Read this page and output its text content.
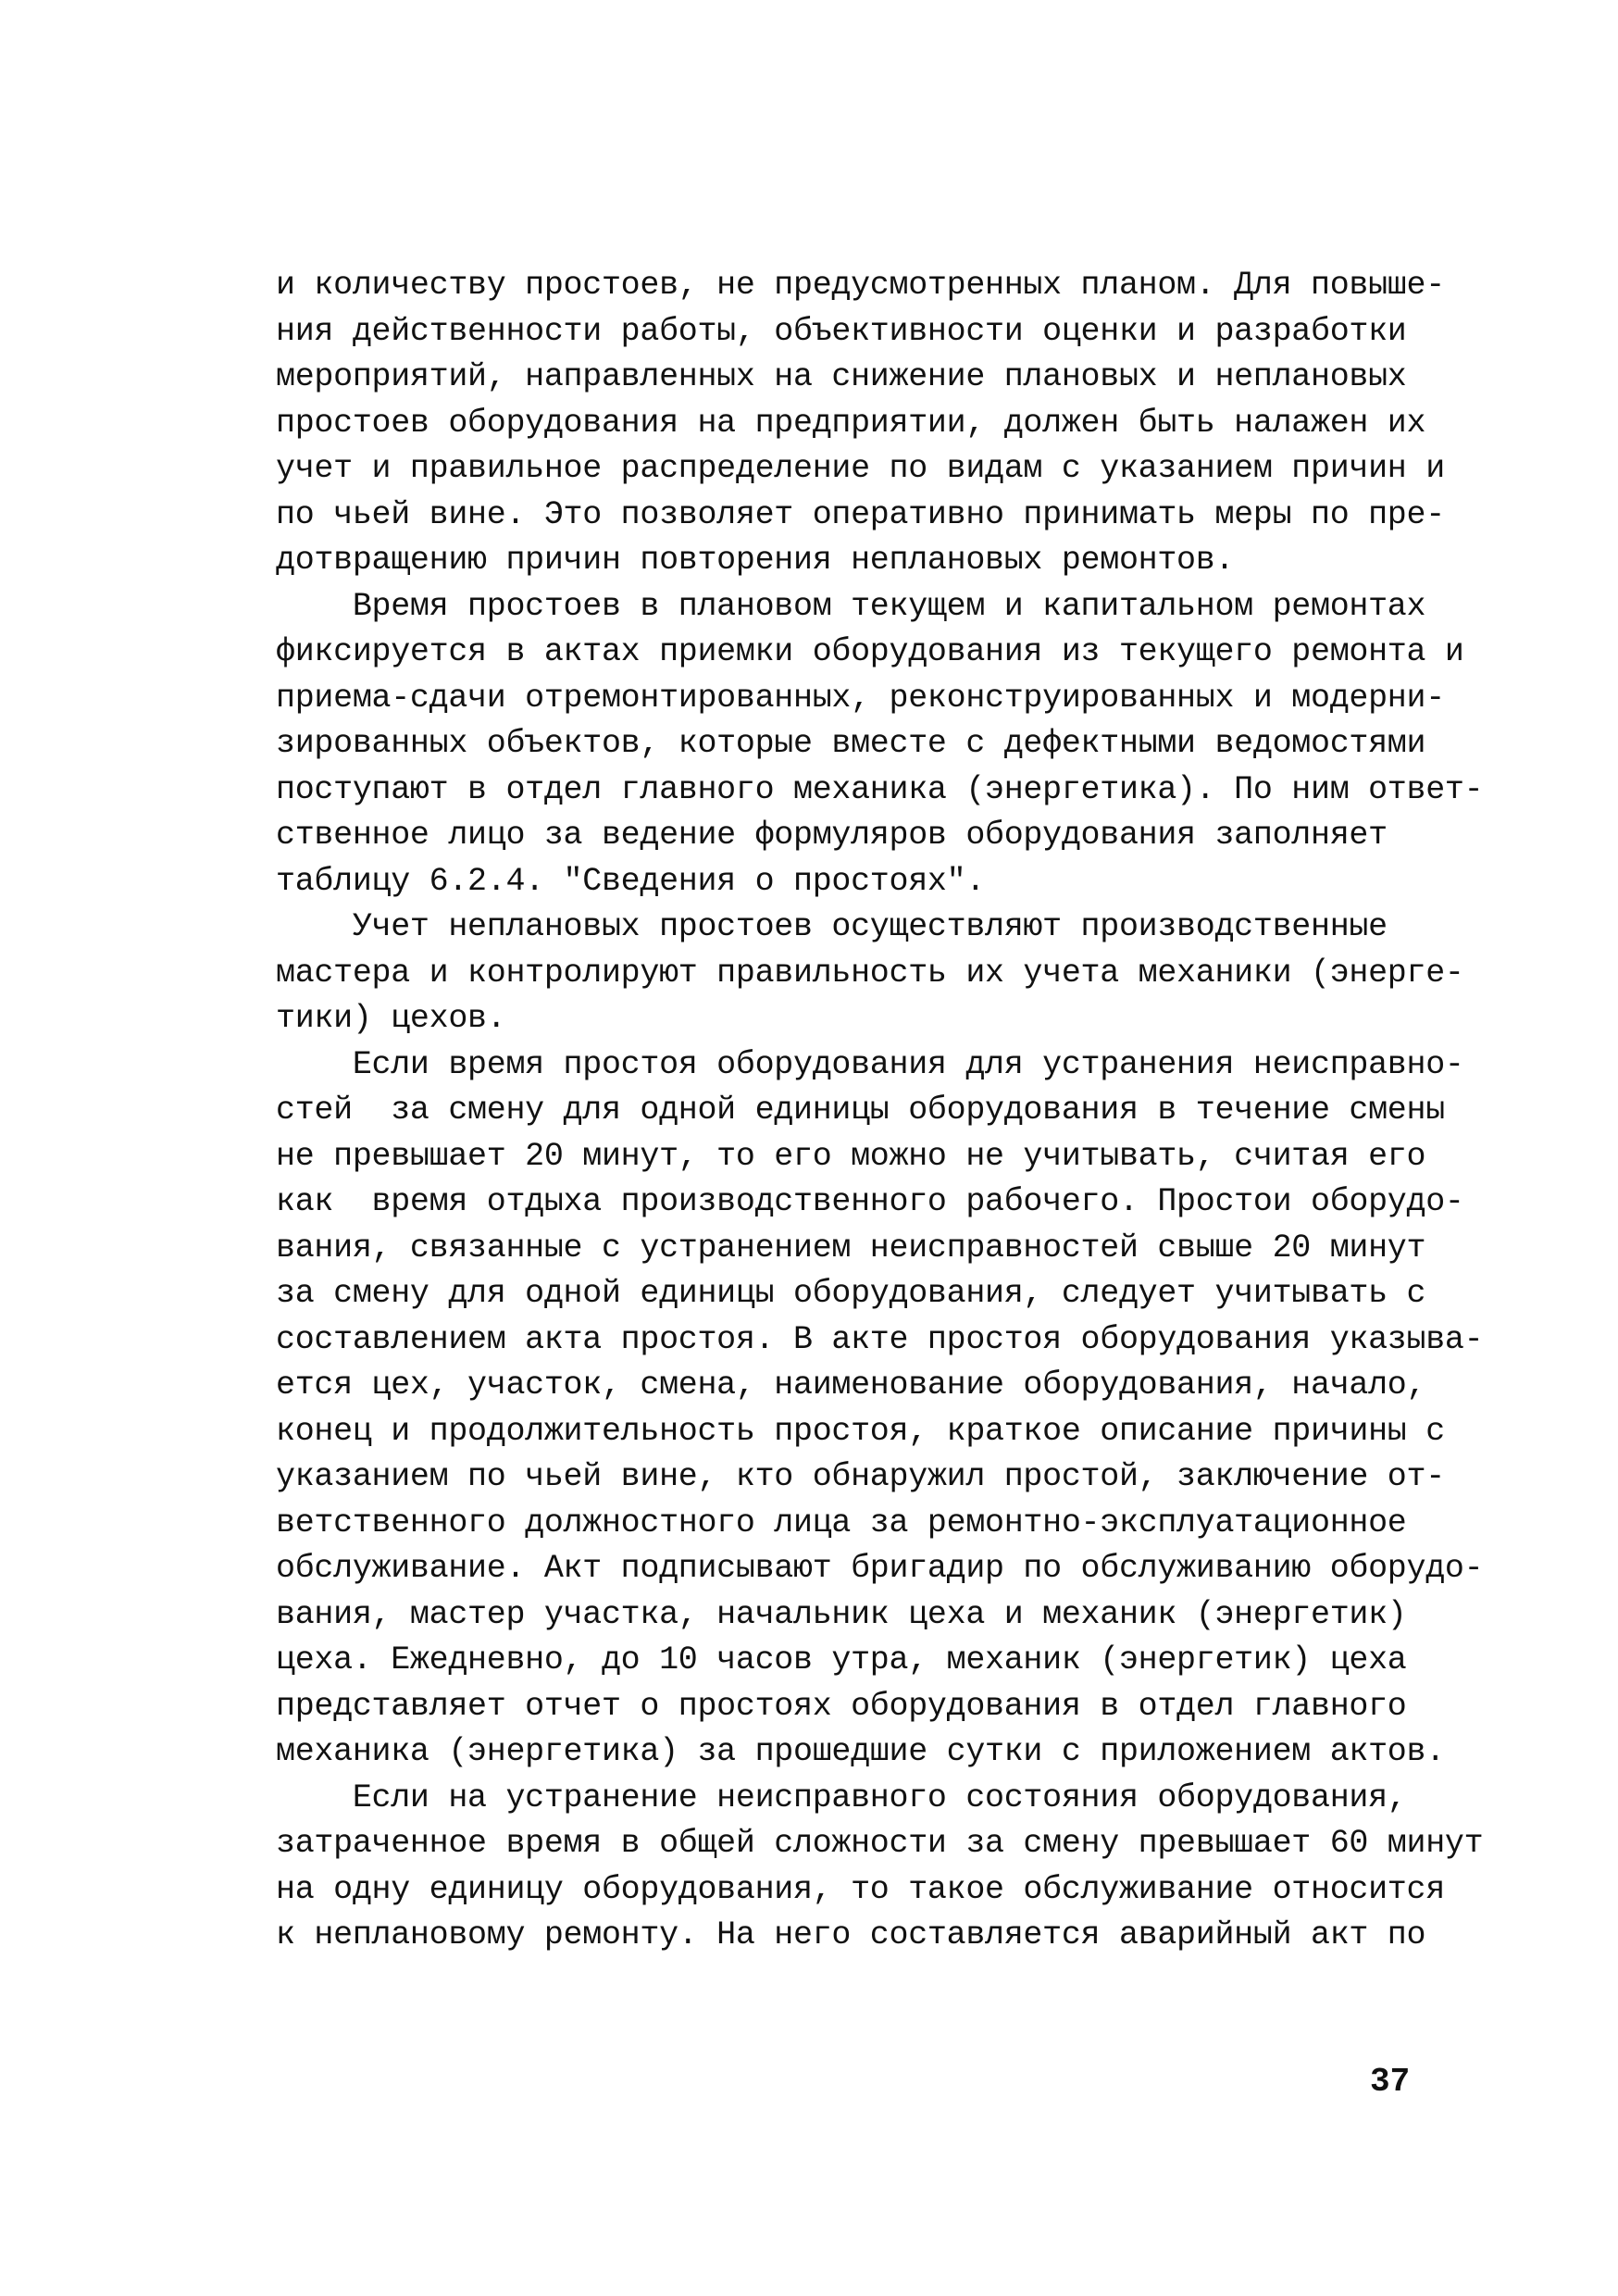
и количеству простоев, не предусмотренных планом. Для повыше-
ния действенности работы, объективности оценки и разработки
мероприятий, направленных на снижение плановых и неплановых
простоев оборудования на предприятии, должен быть налажен их
учет и правильное распределение по видам с указанием причин и
по чьей вине. Это позволяет оперативно принимать меры по пре-
дотвращению причин повторения неплановых ремонтов.
Время простоев в плановом текущем и капитальном ремонтах
фиксируется в актах приемки оборудования из текущего ремонта и
приема-сдачи отремонтированных, реконструированных и модерни-
зированных объектов, которые вместе с дефектными ведомостями
поступают в отдел главного механика (энергетика). По ним ответ-
ственное лицо за ведение формуляров оборудования заполняет
таблицу 6.2.4. "Сведения о простоях".
Учет неплановых простоев осуществляют производственные
мастера и контролируют правильность их учета механики (энерге-
тики) цехов.
Если время простоя оборудования для устранения неисправно-
стей  за смену для одной единицы оборудования в течение смены
не превышает 20 минут, то его можно не учитывать, считая его
как  время отдыха производственного рабочего. Простои оборудо-
вания, связанные с устранением неисправностей свыше 20 минут
за смену для одной единицы оборудования, следует учитывать с
составлением акта простоя. В акте простоя оборудования указыва-
ется цех, участок, смена, наименование оборудования, начало,
конец и продолжительность простоя, краткое описание причины с
указанием по чьей вине, кто обнаружил простой, заключение от-
ветственного должностного лица за ремонтно-эксплуатационное
обслуживание. Акт подписывают бригадир по обслуживанию оборудо-
вания, мастер участка, начальник цеха и механик (энергетик)
цеха. Ежедневно, до 10 часов утра, механик (энергетик) цеха
представляет отчет о простоях оборудования в отдел главного
механика (энергетика) за прошедшие сутки с приложением актов.
Если на устранение неисправного состояния оборудования,
затраченное время в общей сложности за смену превышает 60 минут
на одну единицу оборудования, то такое обслуживание относится
к неплановому ремонту. На него составляется аварийный акт по
37
